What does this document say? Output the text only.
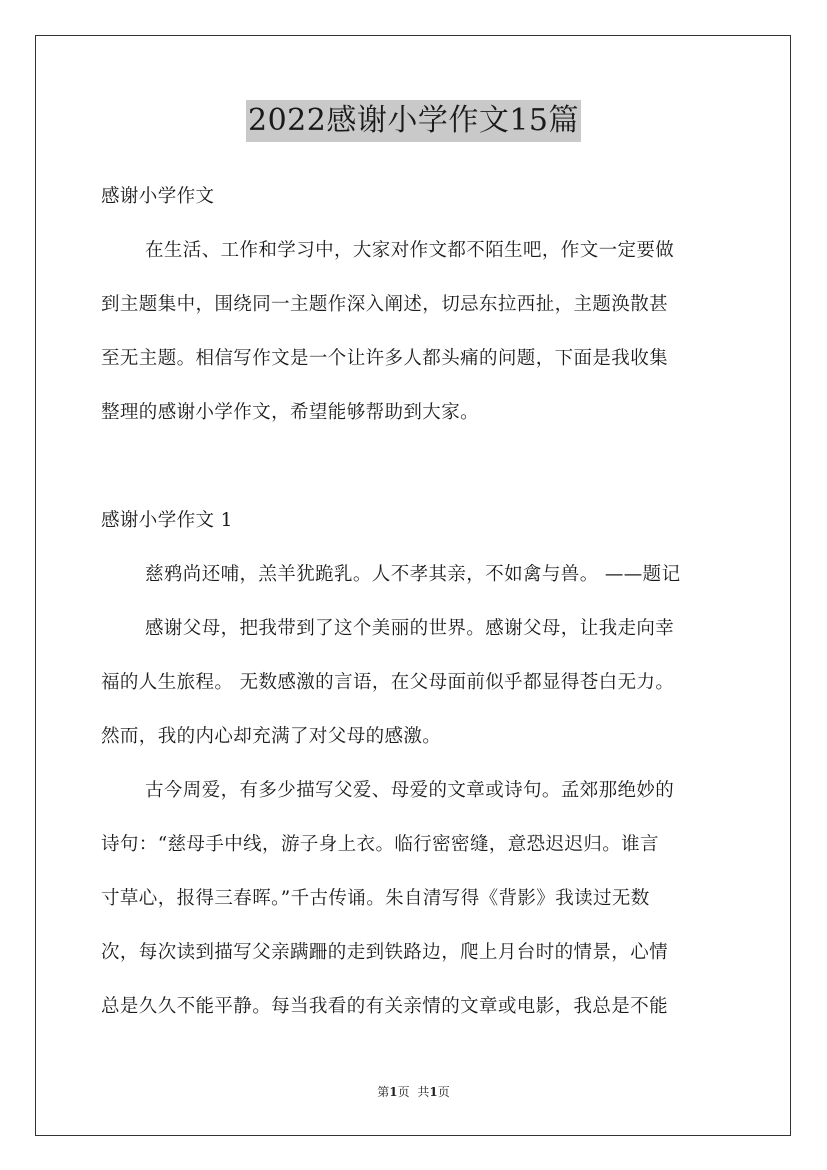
2022感谢小学作文15篇

感谢小学作文

在生活、工作和学习中，大家对作文都不陌生吧，作文一定要做

到主题集中，围绕同一主题作深入阐述，切忌东拉西扯，主题涣散甚

至无主题。相信写作文是一个让许多人都头痛的问题，下面是我收集

整理的感谢小学作文，希望能够帮助到大家。

感谢小学作文 1

慈鸦尚还哺，羔羊犹跪乳。人不孝其亲，不如禽与兽。 ——题记

感谢父母，把我带到了这个美丽的世界。感谢父母，让我走向幸

福的人生旅程。 无数感激的言语，在父母面前似乎都显得苍白无力。

然而，我的内心却充满了对父母的感激。

古今周爱，有多少描写父爱、母爱的文章或诗句。孟郊那绝妙的

诗句：“慈母手中线，游子身上衣。临行密密缝，意恐迟迟归。谁言

寸草心，报得三春晖。”千古传诵。朱自清写得《背影》我读过无数

次，每次读到描写父亲蹒跚的走到铁路边，爬上月台时的情景，心情

总是久久不能平静。每当我看的有关亲情的文章或电影，我总是不能

第1页 共1页
